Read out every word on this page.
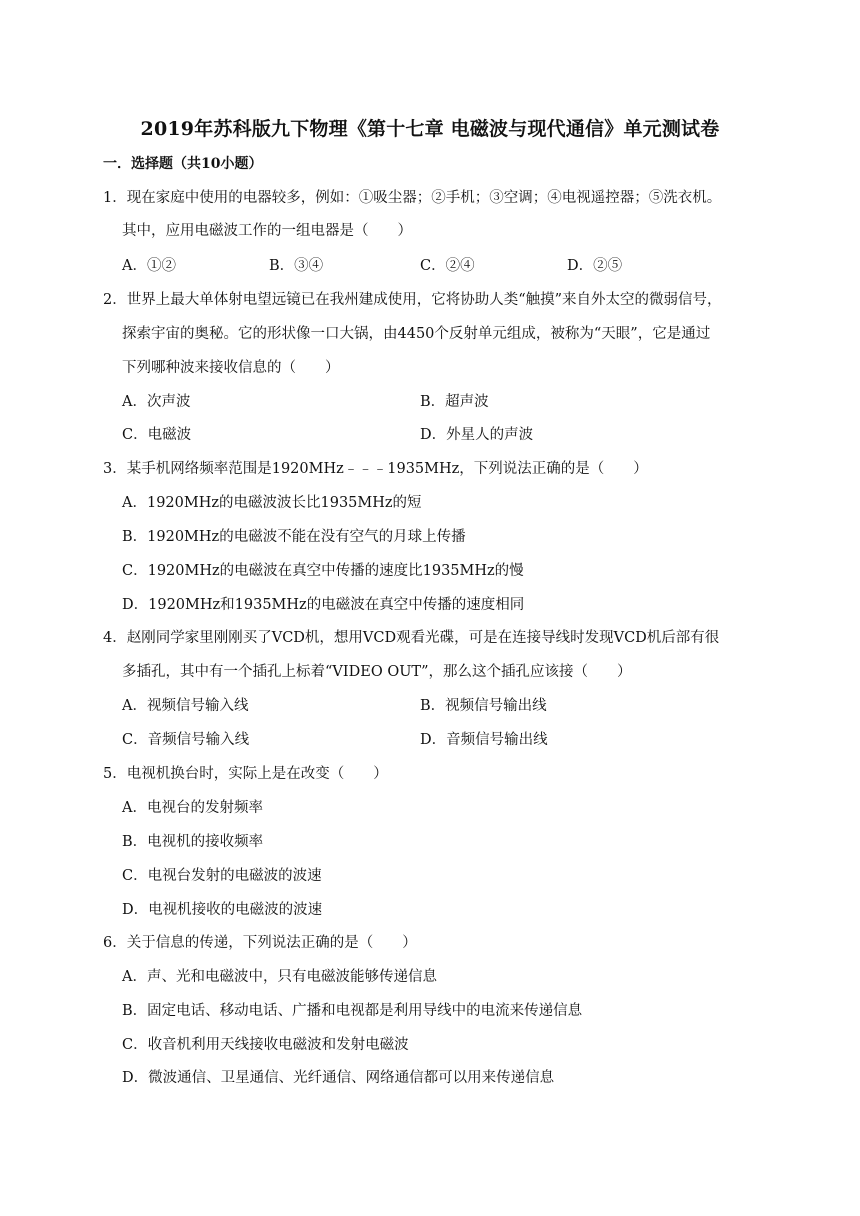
2019年苏科版九下物理《第十七章 电磁波与现代通信》单元测试卷
一．选择题（共10小题）
1．现在家庭中使用的电器较多，例如：①吸尘器；②手机；③空调；④电视遥控器；⑤洗衣机。
其中，应用电磁波工作的一组电器是（　　）
A．①②	B．③④	C．②④	D．②⑤
2．世界上最大单体射电望远镜已在我州建成使用，它将协助人类“触摸”来自外太空的微弱信号，
探索宇宙的奥秘。它的形状像一口大锅，由4450个反射单元组成，被称为“天眼”，它是通过
下列哪种波来接收信息的（　　）
A．次声波	B．超声波
C．电磁波	D．外星人的声波
3．某手机网络频率范围是1920MHz﹣﹣﹣1935MHz，下列说法正确的是（　　）
A．1920MHz的电磁波波长比1935MHz的短
B．1920MHz的电磁波不能在没有空气的月球上传播
C．1920MHz的电磁波在真空中传播的速度比1935MHz的慢
D．1920MHz和1935MHz的电磁波在真空中传播的速度相同
4．赵刚同学家里刚刚买了VCD机，想用VCD观看光碟，可是在连接导线时发现VCD机后部有很
多插孔，其中有一个插孔上标着“VIDEO OUT”，那么这个插孔应该接（　　）
A．视频信号输入线	B．视频信号输出线
C．音频信号输入线	D．音频信号输出线
5．电视机换台时，实际上是在改变（　　）
A．电视台的发射频率
B．电视机的接收频率
C．电视台发射的电磁波的波速
D．电视机接收的电磁波的波速
6．关于信息的传递，下列说法正确的是（　　）
A．声、光和电磁波中，只有电磁波能够传递信息
B．固定电话、移动电话、广播和电视都是利用导线中的电流来传递信息
C．收音机利用天线接收电磁波和发射电磁波
D．微波通信、卫星通信、光纤通信、网络通信都可以用来传递信息
